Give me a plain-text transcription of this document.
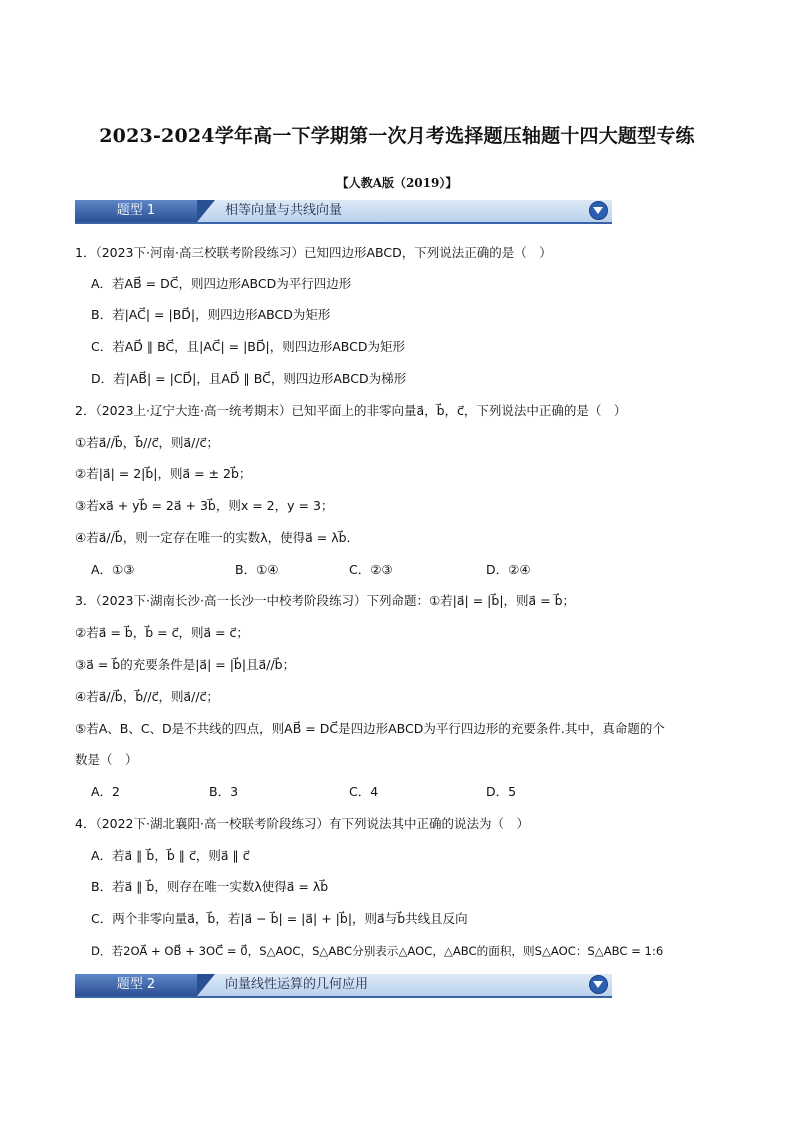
2023-2024学年高一下学期第一次月考选择题压轴题十四大题型专练
【人教A版（2019）】
题型 1	相等向量与共线向量
1．（2023下·河南·高三校联考阶段练习）已知四边形ABCD，下列说法正确的是（　）
A．若AB⃗ = DC⃗，则四边形ABCD为平行四边形
B．若|AC⃗| = |BD⃗|，则四边形ABCD为矩形
C．若AD⃗ ∥ BC⃗，且|AC⃗| = |BD⃗|，则四边形ABCD为矩形
D．若|AB⃗| = |CD⃗|，且AD⃗ ∥ BC⃗，则四边形ABCD为梯形
2．（2023上·辽宁大连·高一统考期末）已知平面上的非零向量a⃗，b⃗，c⃗，下列说法中正确的是（　）
①若a⃗//b⃗，b⃗//c⃗，则a⃗//c⃗；
②若|a⃗| = 2|b⃗|，则a⃗ = ± 2b⃗；
③若xa⃗ + yb⃗ = 2a⃗ + 3b⃗，则x = 2，y = 3；
④若a⃗//b⃗，则一定存在唯一的实数λ，使得a⃗ = λb⃗.
A．①③	B．①④	C．②③	D．②④
3．（2023下·湖南长沙·高一长沙一中校考阶段练习）下列命题：①若|a⃗| = |b⃗|，则a⃗ = b⃗；
②若a⃗ = b⃗，b⃗ = c⃗，则a⃗ = c⃗；
③a⃗ = b⃗的充要条件是|a⃗| = |b⃗|且a⃗//b⃗；
④若a⃗//b⃗，b⃗//c⃗，则a⃗//c⃗；
⑤若A、B、C、D是不共线的四点，则AB⃗ = DC⃗是四边形ABCD为平行四边形的充要条件.其中，真命题的个
数是（　）
A．2	B．3	C．4	D．5
4．（2022下·湖北襄阳·高一校联考阶段练习）有下列说法其中正确的说法为（　）
A．若a⃗ ∥ b⃗，b⃗ ∥ c⃗，则a⃗ ∥ c⃗
B．若a⃗ ∥ b⃗，则存在唯一实数λ使得a⃗ = λb⃗
C．两个非零向量a⃗，b⃗，若|a⃗ − b⃗| = |a⃗| + |b⃗|，则a⃗与b⃗共线且反向
D．若2OA⃗ + OB⃗ + 3OC⃗ = 0⃗，S△AOC，S△ABC分别表示△AOC，△ABC的面积，则S△AOC：S△ABC = 1:6
题型 2	向量线性运算的几何应用
